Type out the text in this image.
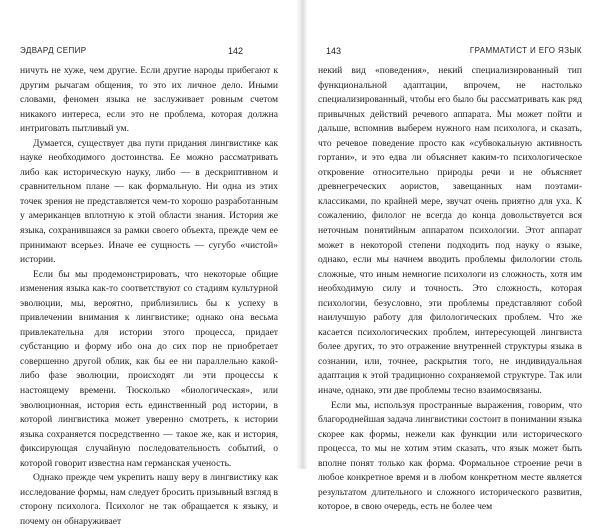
ЭДВАРД СЕПИР	142

ничуть не хуже, чем другие. Если другие народы прибегают к другим рычагам общения, то это их личное дело. Иными словами, феномен языка не заслуживает ровным счетом никакого интереса, если это не проблема, которая должна интриговать пытливый ум.

Думается, существует два пути придания лингвистике как науке необходимого достоинства. Ее можно рассматривать либо как историческую науку, либо — в дескриптивном и сравнительном плане — как формальную. Ни одна из этих точек зрения не представляется чем-то хорошо разработанным у американцев вплотную к этой области знания. История же языка, сохранившаяся за рамки своего объекта, прежде чем ее принимают всерьез. Иначе ее сущность — сугубо «чистой» истории.

Если бы мы продемонстрировать, что некоторые общие изменения языка как-то соответствуют со стадиям культурной эволюции, мы, вероятно, приблизились бы к успеху в привлечении внимания к лингвистике; однако она весьма привлекательна для истории этого процесса, придает субстанцию и форму ибо она до сих пор не приобретает совершенно другой облик, как бы ее ни параллельно какой-либо фазе эволюции, происходят ли эти процессы к настоящему времени. Тюсколько «биологическая», или эволюционная, история есть единственный род истории, в которой лингвистика может уверенно смотреть, к истории языка сохраняется посредственно — такое же, как и история, фиксирующая случайную последовательность событий, о которой говорит известна нам германская ученость.

Однако прежде чем укрепить нашу веру в лингвистику как исследование формы, нам следует бросить призывный взгляд в сторону психолога. Психолог не так обращается к языку, и почему он обнаруживает

143	ГРАММАТИСТ И ЕГО ЯЗЫК

некий вид «поведения», некий специализированный тип функциональной адаптации, впрочем, не настолько специализированный, чтобы его было бы рассматривать как ряд привычных действий речевого аппарата. Мы может пойти и дальше, вспомнив выберем нужного нам психолога, и сказать, что речевое поведение просто как «субвокальную активность гортани», и это едва ли объясняет каким-то психологическое откровение относительно природы речи и не объясняет древнегреческих аористов, завещанных нам поэтами-классиками, по крайней мере, звучат очень приятно для уха. К сожалению, филолог не всегда до конца довольствуется вся неточным понятийным аппаратом психологии. Этот аппарат может в некоторой степени подходить под науку о языке, однако, если мы начнем вводить проблемы филологии столь сложные, что иным немногие психологи из сложность, хотя им необходимую силу и точность. Это сложность, которая психологии, безусловно, эти проблемы представляют собой наилучшую работу для филологических проблем. Что же касается психологических проблем, интересующей лингвиста более других, то это отражение внутренней структуры языка в сознании, или, точнее, раскрытия того, не индивидуальная адаптация к этой традиционно сохраняемой структуре. Так или иначе, однако, эти две проблемы тесно взаимосвязаны.

Если мы, используя пространные выражения, говорим, что благороднейшая задача лингвистики состоит в понимании языка скорее как формы, нежели как функции или исторического процесса, то мы не хотим этим сказать, что язык может быть вполне понят только как форма. Формальное строение речи в любое конкретное время и в любом конкретном месте является результатом длительного и сложного исторического развития, которое, в свою очередь, есть не более чем
